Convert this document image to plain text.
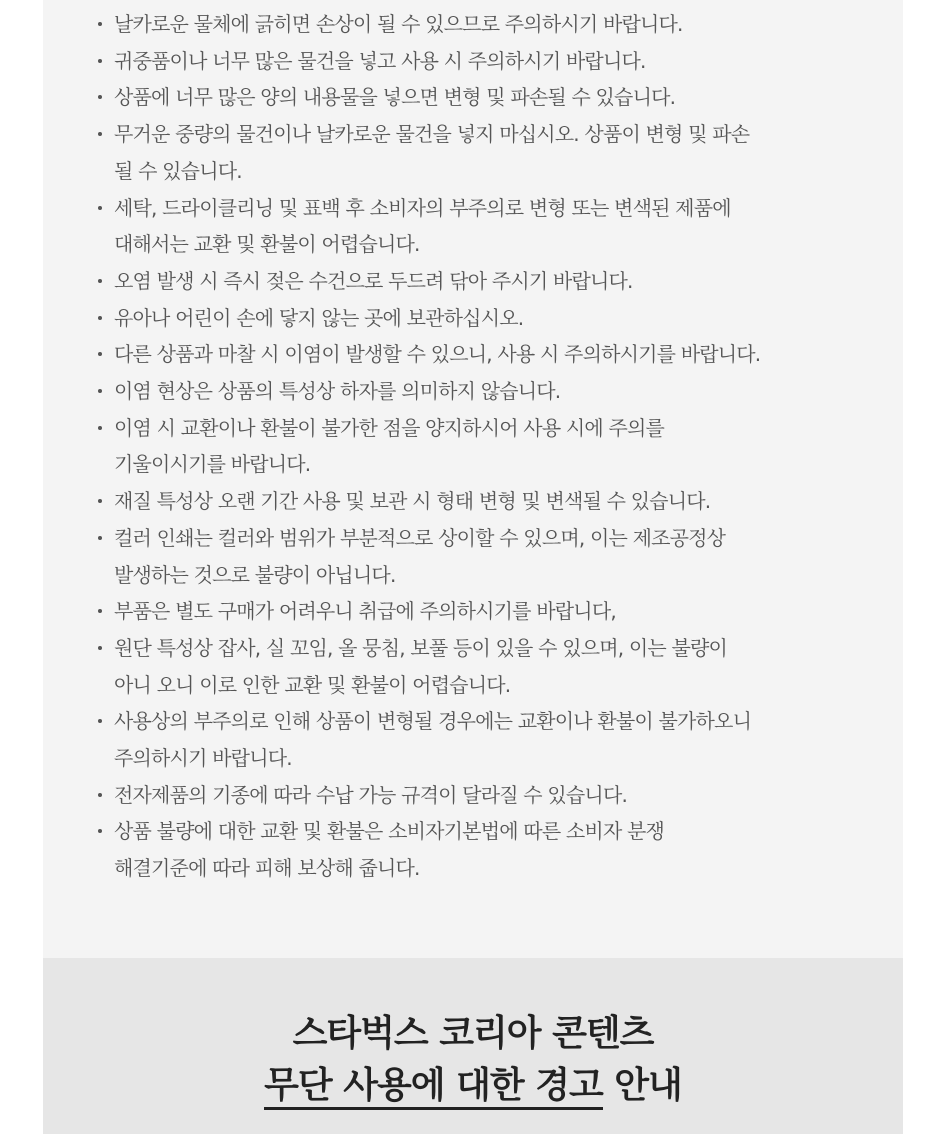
날카로운 물체에 긁히면 손상이 될 수 있으므로 주의하시기 바랍니다.
귀중품이나 너무 많은 물건을 넣고 사용 시 주의하시기 바랍니다.
상품에 너무 많은 양의 내용물을 넣으면 변형 및 파손될 수 있습니다.
무거운 중량의 물건이나 날카로운 물건을 넣지 마십시오. 상품이 변형 및 파손
될 수 있습니다.
세탁, 드라이클리닝 및 표백 후 소비자의 부주의로 변형 또는 변색된 제품에
대해서는 교환 및 환불이 어렵습니다.
오염 발생 시 즉시 젖은 수건으로 두드려 닦아 주시기 바랍니다.
유아나 어린이 손에 닿지 않는 곳에 보관하십시오.
다른 상품과 마찰 시 이염이 발생할 수 있으니, 사용 시 주의하시기를 바랍니다.
이염 현상은 상품의 특성상 하자를 의미하지 않습니다.
이염 시 교환이나 환불이 불가한 점을 양지하시어 사용 시에 주의를
기울이시기를 바랍니다.
재질 특성상 오랜 기간 사용 및 보관 시 형태 변형 및 변색될 수 있습니다.
컬러 인쇄는 컬러와 범위가 부분적으로 상이할 수 있으며, 이는 제조공정상
발생하는 것으로 불량이 아닙니다.
부품은 별도 구매가 어려우니 취급에 주의하시기를 바랍니다,
원단 특성상 잡사, 실 꼬임, 올 뭉침, 보풀 등이 있을 수 있으며, 이는 불량이
아니 오니 이로 인한 교환 및 환불이 어렵습니다.
사용상의 부주의로 인해 상품이 변형될 경우에는 교환이나 환불이 불가하오니
주의하시기 바랍니다.
전자제품의 기종에 따라 수납 가능 규격이 달라질 수 있습니다.
상품 불량에 대한 교환 및 환불은 소비자기본법에 따른 소비자 분쟁
해결기준에 따라 피해 보상해 줍니다.
스타벅스 코리아 콘텐츠
무단 사용에 대한 경고 안내
